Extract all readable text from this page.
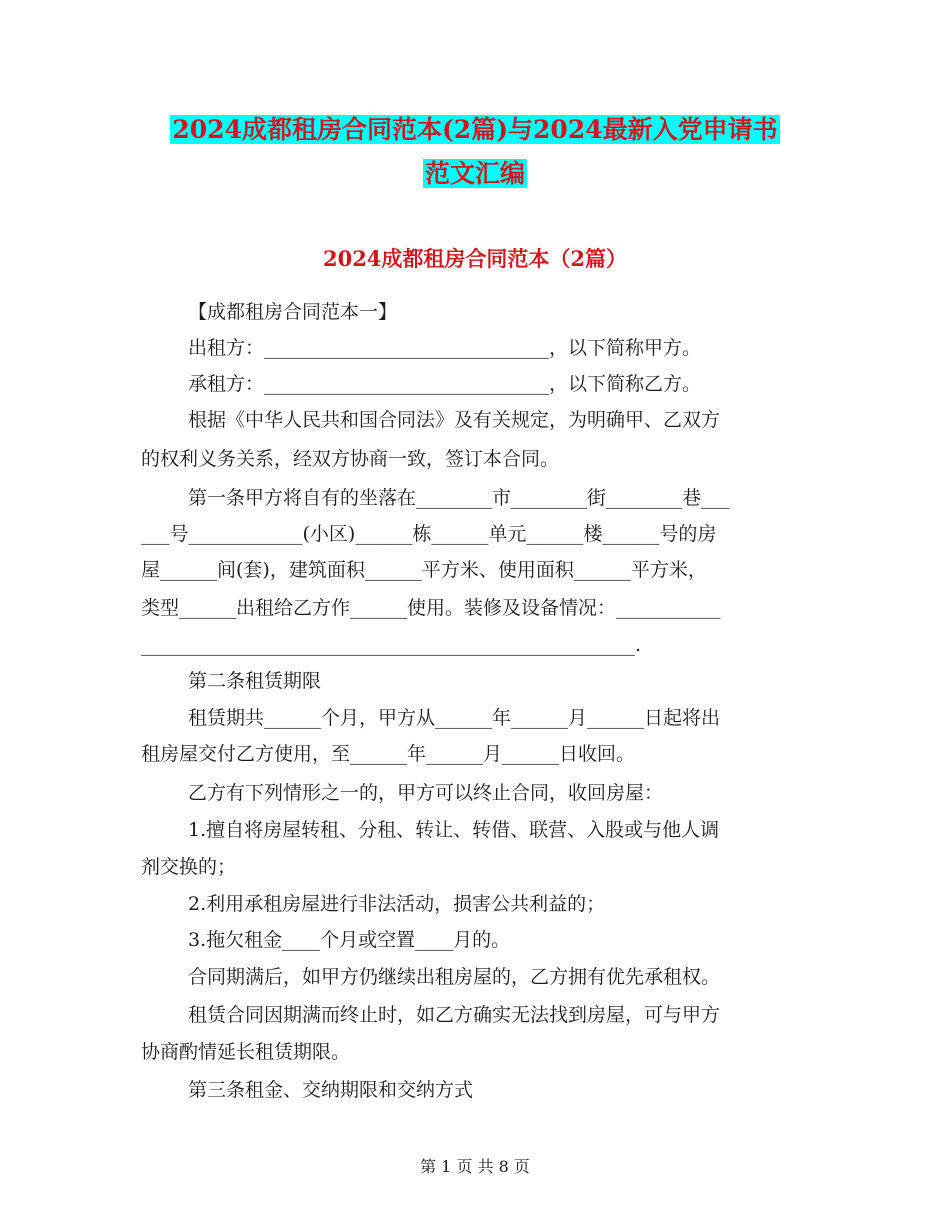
2024成都租房合同范本(2篇)与2024最新入党申请书
范文汇编
2024成都租房合同范本（2篇）
【成都租房合同范本一】
出租方：______________________________，以下简称甲方。
承租方：______________________________，以下简称乙方。
根据《中华人民共和国合同法》及有关规定，为明确甲、乙双方
的权利义务关系，经双方协商一致，签订本合同。
第一条甲方将自有的坐落在________市________街________巷___
___号____________(小区)______栋______单元______楼______号的房
屋______间(套)，建筑面积______平方米、使用面积______平方米，
类型______出租给乙方作______使用。装修及设备情况：___________
____________________________________________________.
第二条租赁期限
租赁期共______个月，甲方从______年______月______日起将出
租房屋交付乙方使用，至______年______月______日收回。
乙方有下列情形之一的，甲方可以终止合同，收回房屋：
1.擅自将房屋转租、分租、转让、转借、联营、入股或与他人调
剂交换的；
2.利用承租房屋进行非法活动，损害公共利益的；
3.拖欠租金____个月或空置____月的。
合同期满后，如甲方仍继续出租房屋的，乙方拥有优先承租权。
租赁合同因期满而终止时，如乙方确实无法找到房屋，可与甲方
协商酌情延长租赁期限。
第三条租金、交纳期限和交纳方式
第 1 页 共 8 页
